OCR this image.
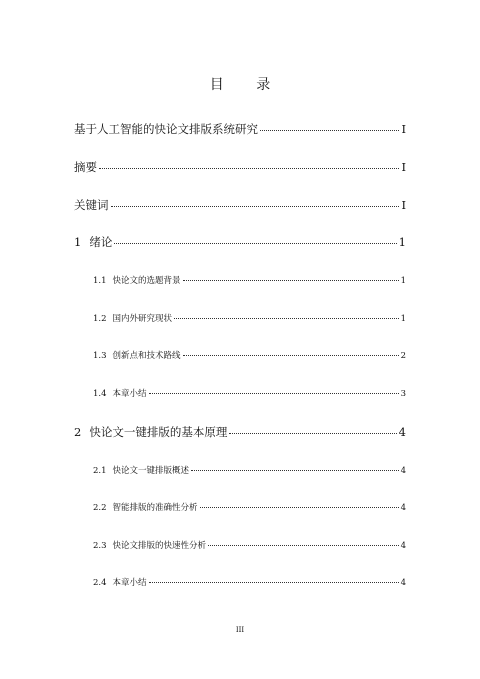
目 录
基于人工智能的快论文排版系统研究	I
摘要	I
关键词	I
1 绪论	1
1.1 快论文的选题背景	1
1.2 国内外研究现状	1
1.3 创新点和技术路线	2
1.4 本章小结	3
2 快论文一键排版的基本原理	4
2.1 快论文一键排版概述	4
2.2 智能排版的准确性分析	4
2.3 快论文排版的快速性分析	4
2.4 本章小结	4
III
